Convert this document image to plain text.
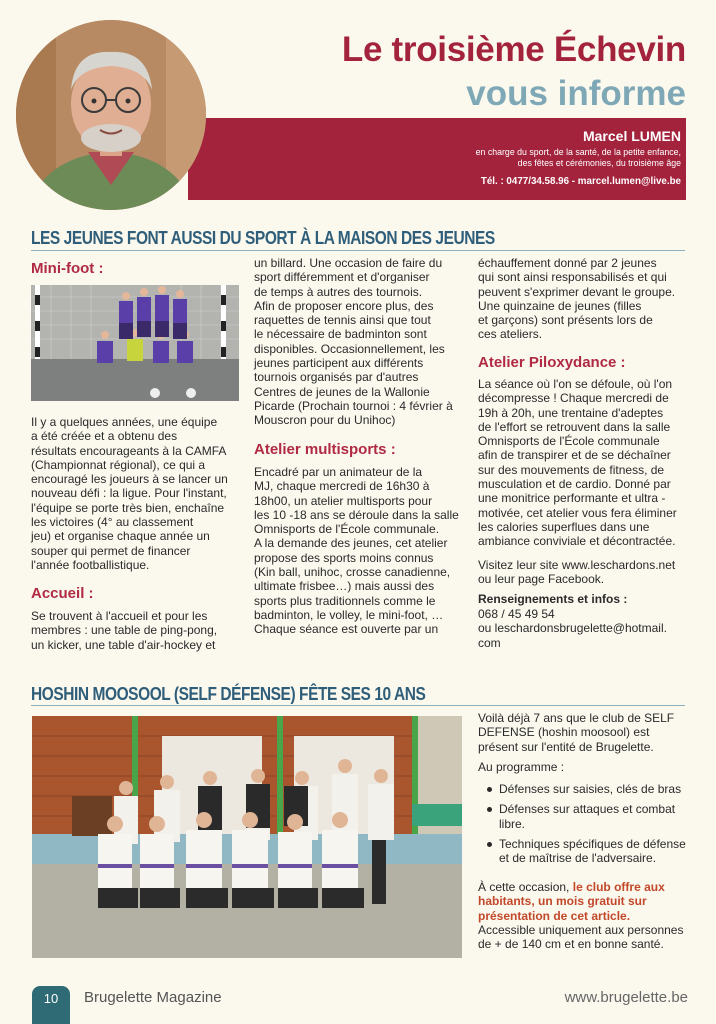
Le troisième Échevin
vous informe
Marcel LUMEN
en charge du sport, de la santé, de la petite enfance,
des fêtes et cérémonies, du troisième âge
Tél. : 0477/34.58.96 - marcel.lumen@live.be
LES JEUNES FONT AUSSI DU SPORT À LA MAISON DES JEUNES
Mini-foot :
Il y a quelques années, une équipe
a été créée et a obtenu des
résultats encourageants à la CAMFA
(Championnat régional), ce qui a
encouragé les joueurs à se lancer un
nouveau défi : la ligue. Pour l'instant,
l'équipe se porte très bien, enchaîne
les victoires (4° au classement
jeu) et organise chaque année un
souper qui permet de financer
l'année footballistique.
Accueil :
Se trouvent à l'accueil et pour les
membres : une table de ping-pong,
un kicker, une table d'air-hockey et
un billard. Une occasion de faire du
sport différemment et d'organiser
de temps à autres des tournois.
Afin de proposer encore plus, des
raquettes de tennis ainsi que tout
le nécessaire de badminton sont
disponibles. Occasionnellement, les
jeunes participent aux différents
tournois organisés par d'autres
Centres de jeunes de la Wallonie
Picarde (Prochain tournoi : 4 février à
Mouscron pour du Unihoc)
Atelier multisports :
Encadré par un animateur de la
MJ, chaque mercredi de 16h30 à
18h00, un atelier multisports pour
les 10 -18 ans se déroule dans la salle
Omnisports de l'École communale.
A la demande des jeunes, cet atelier
propose des sports moins connus
(Kin ball, unihoc, crosse canadienne,
ultimate frisbee…) mais aussi des
sports plus traditionnels comme le
badminton, le volley, le mini-foot, …
Chaque séance est ouverte par un
échauffement donné par 2 jeunes
qui sont ainsi responsabilisés et qui
peuvent s'exprimer devant le groupe.
Une quinzaine de jeunes (filles
et garçons) sont présents lors de
ces ateliers.
Atelier Piloxydance :
La séance où l'on se défoule, où l'on
décompresse ! Chaque mercredi de
19h à 20h, une trentaine d'adeptes
de l'effort se retrouvent dans la salle
Omnisports de l'École communale
afin de transpirer et de se déchaîner
sur des mouvements de fitness, de
musculation et de cardio. Donné par
une monitrice performante et ultra -
motivée, cet atelier vous fera éliminer
les calories superflues dans une
ambiance conviviale et décontractée.
Visitez leur site www.leschardons.net
ou leur page Facebook.
Renseignements et infos :
068 / 45 49 54
ou leschardonsbrugelette@hotmail.
com
HOSHIN MOOSOOL (SELF DÉFENSE) FÊTE SES 10 ANS
Voilà déjà 7 ans que le club de SELF
DEFENSE (hoshin moosool) est
présent sur l'entité de Brugelette.
Au programme :
Défenses sur saisies, clés de bras
Défenses sur attaques et combat libre.
Techniques spécifiques de défense et de maîtrise de l'adversaire.
À cette occasion, le club offre aux habitants, un mois gratuit sur présentation de cet article. Accessible uniquement aux personnes de + de 140 cm et en bonne santé.
10	Brugelette Magazine	www.brugelette.be
